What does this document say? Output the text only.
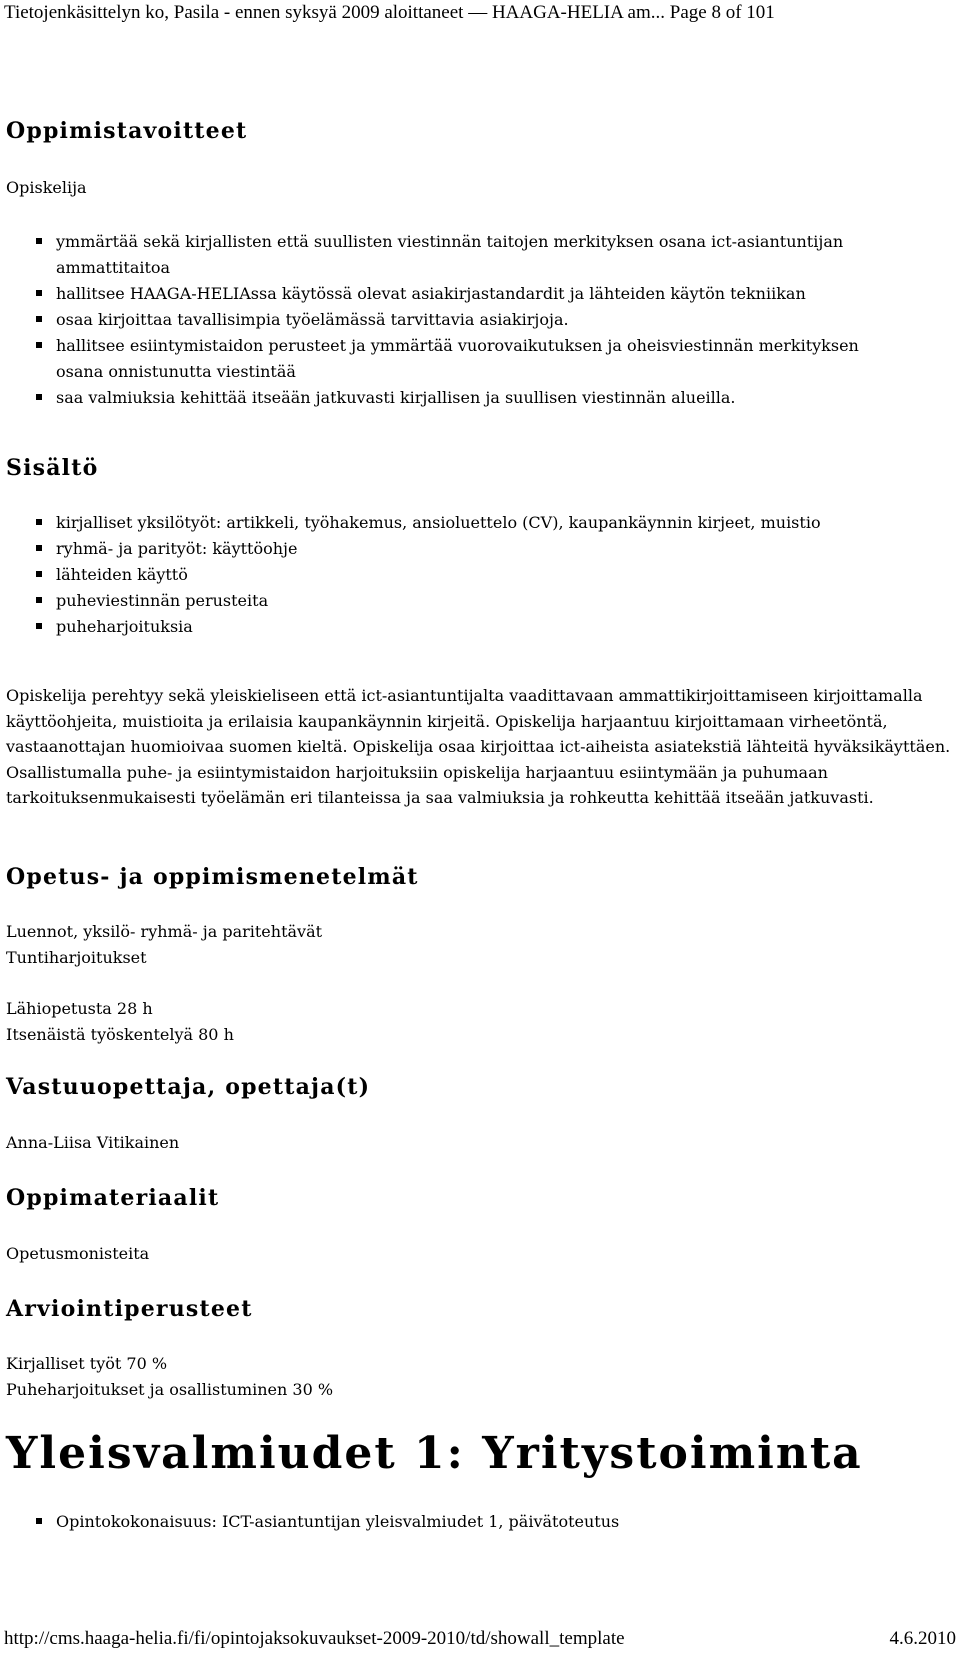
Tietojenkäsittelyn ko, Pasila - ennen syksyä 2009 aloittaneet — HAAGA-HELIA am... Page 8 of 101
Oppimistavoitteet

Opiskelija

ymmärtää sekä kirjallisten että suullisten viestinnän taitojen merkityksen osana ict-asiantuntijan ammattitaitoa
hallitsee HAAGA-HELIAssa käytössä olevat asiakirjastandardit ja lähteiden käytön tekniikan
osaa kirjoittaa tavallisimpia työelämässä tarvittavia asiakirjoja.
hallitsee esiintymistaidon perusteet ja ymmärtää vuorovaikutuksen ja oheisviestinnän merkityksen osana onnistunutta viestintää
saa valmiuksia kehittää itseään jatkuvasti kirjallisen ja suullisen viestinnän alueilla.
Sisältö
kirjalliset yksilötyöt: artikkeli, työhakemus, ansioluettelo (CV), kaupankäynnin kirjeet, muistio
ryhmä- ja parityöt: käyttöohje
lähteiden käyttö
puheviestinnän perusteita
puheharjoituksia

Opiskelija perehtyy sekä yleiskieliseen että ict-asiantuntijalta vaadittavaan ammattikirjoittamiseen kirjoittamalla käyttöohjeita, muistioita ja erilaisia kaupankäynnin kirjeitä. Opiskelija harjaantuu kirjoittamaan virheetöntä, vastaanottajan huomioivaa suomen kieltä. Opiskelija osaa kirjoittaa ict-aiheista asiatekstiä lähteitä hyväksikäyttäen. Osallistumalla puhe- ja esiintymistaidon harjoituksiin opiskelija harjaantuu esiintymään ja puhumaan tarkoituksenmukaisesti työelämän eri tilanteissa ja saa valmiuksia ja rohkeutta kehittää itseään jatkuvasti.

Opetus- ja oppimismenetelmät

Luennot, yksilö- ryhmä- ja paritehtävät
Tuntiharjoitukset

Lähiopetusta 28 h
Itsenäistä työskentelyä 80 h

Vastuuopettaja, opettaja(t)

Anna-Liisa Vitikainen

Oppimateriaalit

Opetusmonisteita

Arviointiperusteet

Kirjalliset työt 70 %
Puheharjoitukset ja osallistuminen 30 %

Yleisvalmiudet 1: Yritystoiminta
Opintokokonaisuus: ICT-asiantuntijan yleisvalmiudet 1, päivätoteutus
http://cms.haaga-helia.fi/fi/opintojaksokuvaukset-2009-2010/td/showall_template	4.6.2010
